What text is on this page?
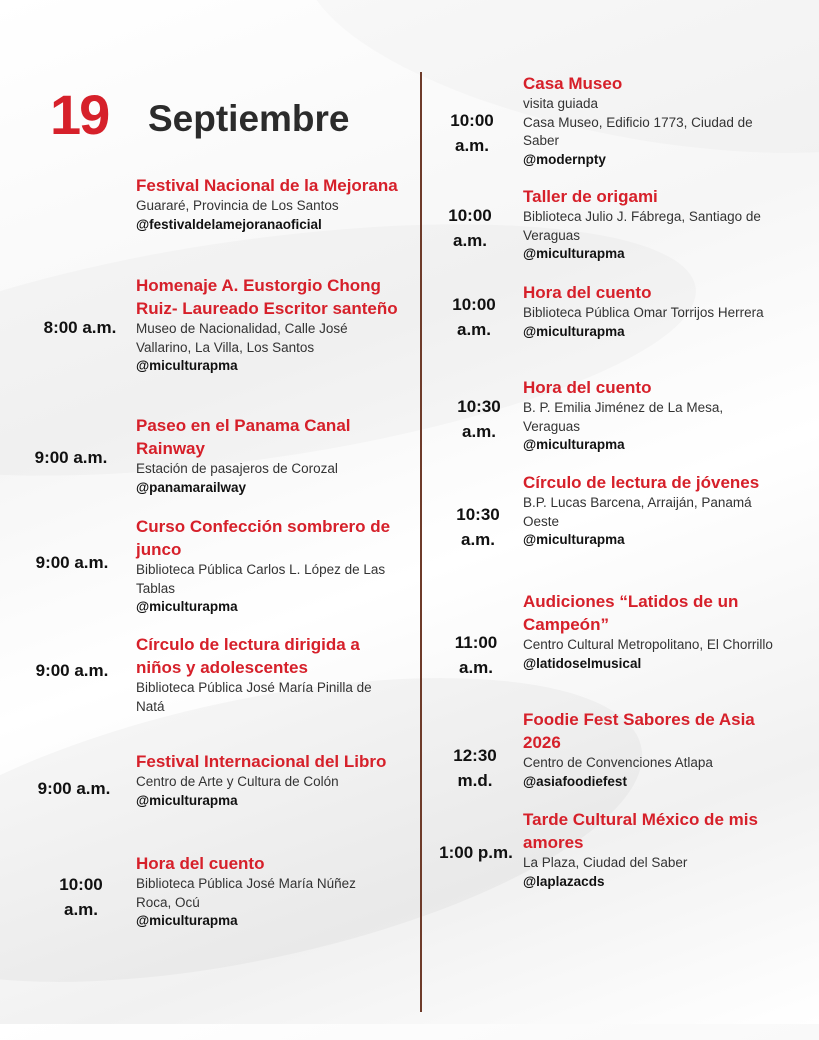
19 Septiembre
Festival Nacional de la Mejorana
Guararé, Provincia de Los Santos
@festivaldelamejoranaoficial
8:00 a.m.
Homenaje A. Eustorgio Chong Ruiz- Laureado Escritor santeño
Museo de Nacionalidad, Calle José Vallarino, La Villa, Los Santos
@miculturapma
9:00 a.m.
Paseo en el Panama Canal Rainway
Estación de pasajeros de Corozal
@panamarailway
9:00 a.m.
Curso Confección sombrero de junco
Biblioteca Pública Carlos L. López de Las Tablas
@miculturapma
9:00 a.m.
Círculo de lectura dirigida a niños y adolescentes
Biblioteca Pública José María Pinilla de Natá
9:00 a.m.
Festival Internacional del Libro
Centro de Arte y Cultura de Colón
@miculturapma
10:00 a.m.
Hora del cuento
Biblioteca Pública José María Núñez Roca, Ocú
@miculturapma
10:00 a.m.
Casa Museo
visita guiada
Casa Museo, Edificio 1773, Ciudad de Saber
@modernpty
10:00 a.m.
Taller de origami
Biblioteca Julio J. Fábrega, Santiago de Veraguas
@miculturapma
10:00 a.m.
Hora del cuento
Biblioteca Pública Omar Torrijos Herrera
@miculturapma
10:30 a.m.
Hora del cuento
B. P. Emilia Jiménez de La Mesa, Veraguas
@miculturapma
10:30 a.m.
Círculo de lectura de jóvenes
B.P. Lucas Barcena, Arraiján, Panamá Oeste
@miculturapma
11:00 a.m.
Audiciones “Latidos de un Campeón”
Centro Cultural Metropolitano, El Chorrillo
@latidoselmusical
12:30 m.d.
Foodie Fest Sabores de Asia 2026
Centro de Convenciones Atlapa
@asiafoodiefest
1:00 p.m.
Tarde Cultural México de mis amores
La Plaza, Ciudad del Saber
@laplazacds
